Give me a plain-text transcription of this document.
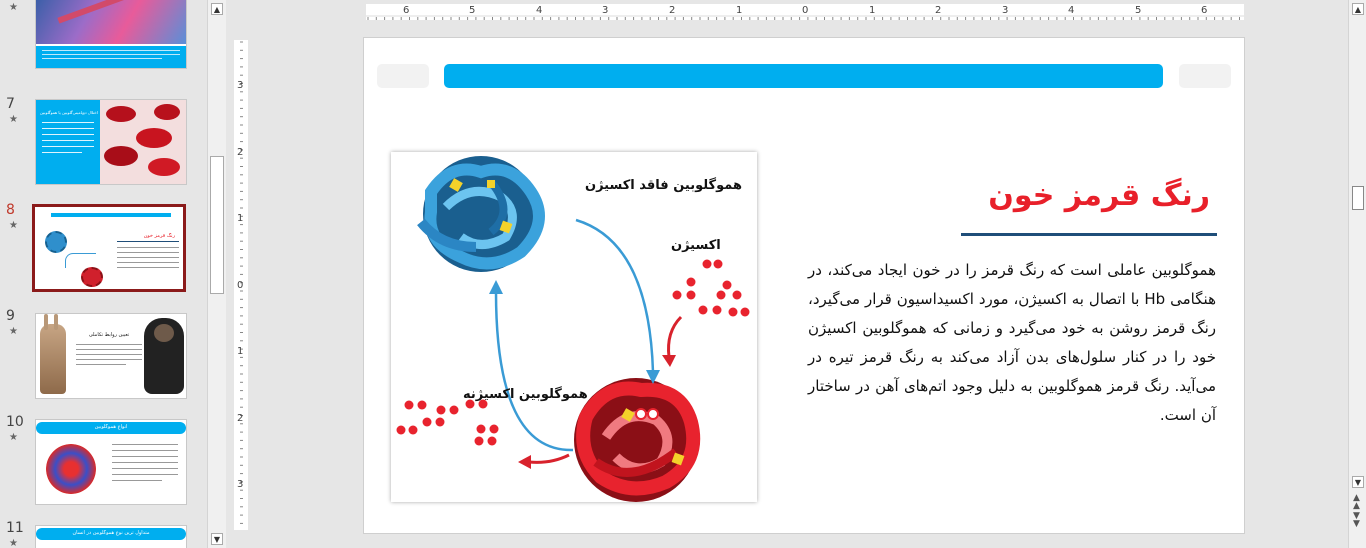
★
7
★
اختلال دوپامینی‌گلوبین یا هموگلوبین
8
★
رنگ قرمز خون
9
★	تعیین روابط تکاملی
10
★
انواع هموگلوبین
11
★
متداول ترین نوع هموگلوبین در انسان
▲
▼
6	5	4	3	2	1	0	1	2	3	4	5	6
3
2
1
0
1
2
3
هموگلوبین فاقد اکسیژن
اکسیژن
هموگلوبین اکسیژنه
رنگ قرمز خون
هموگلوبین عاملی است که رنگ قرمز را در خون ایجاد می‌کند، در هنگامی Hb با اتصال به اکسیژن، مورد اکسیداسیون قرار می‌گیرد، رنگ قرمز روشن به خود می‌گیرد و زمانی که هموگلوبین اکسیژن خود را در کنار سلول‌های بدن آزاد می‌کند به رنگ قرمز تیره در می‌آید. رنگ قرمز هموگلوبین به دلیل وجود اتم‌های آهن در ساختار آن است.
▲
▼
▲
▲
▼
▼
